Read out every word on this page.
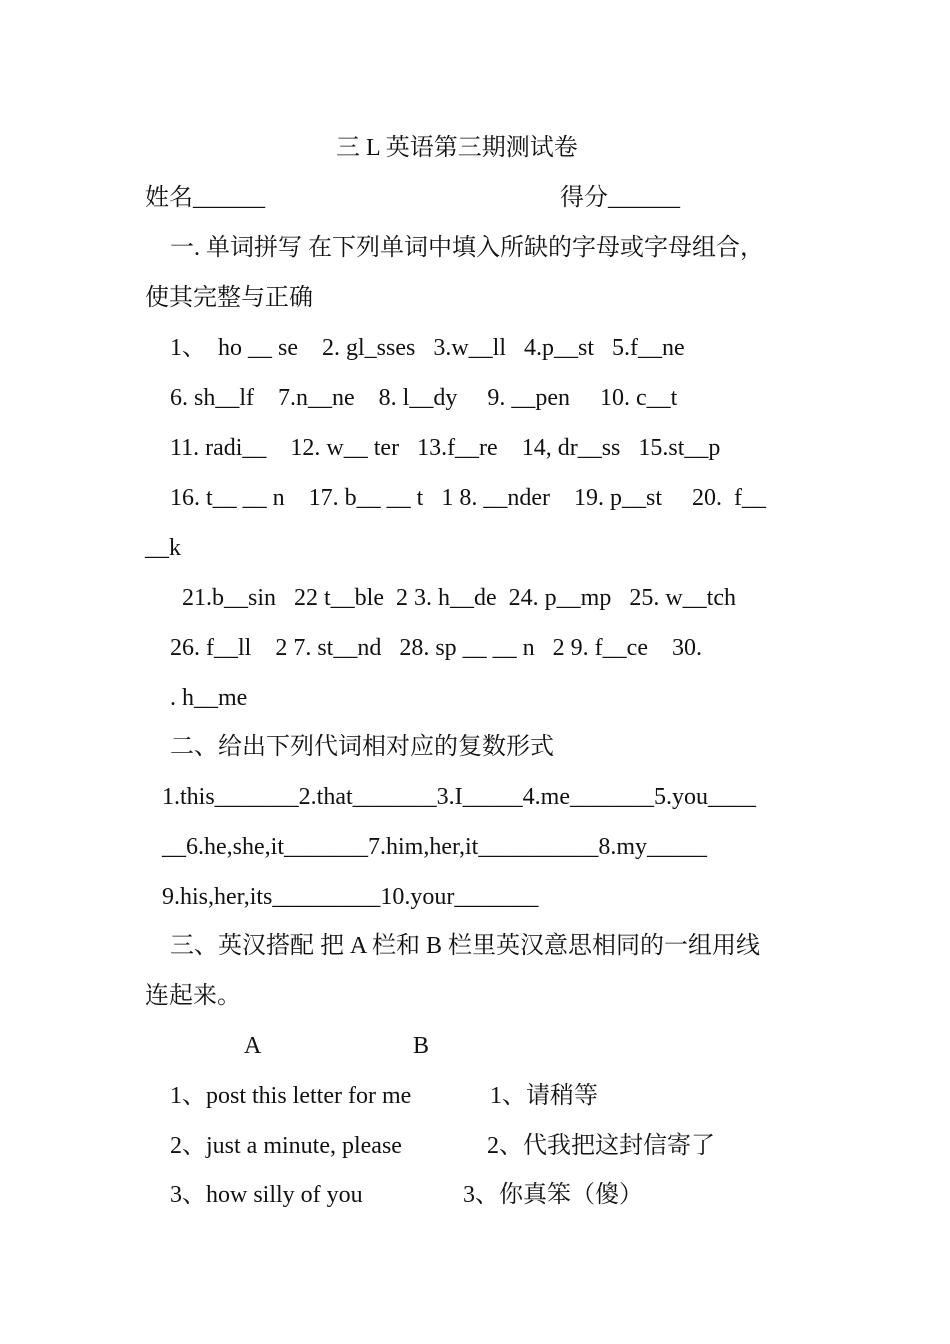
三 L 英语第三期测试卷
姓名______	得分______
一. 单词拼写 在下列单词中填入所缺的字母或字母组合，
使其完整与正确
1、  ho __ se    2. gl_sses   3.w__ll   4.p__st   5.f__ne
6. sh__lf    7.n__ne    8. l__dy     9. __pen     10. c__t
11. radi__    12. w__ ter   13.f__re    14, dr__ss   15.st__p
16. t__ __ n    17. b__ __ t   1 8. __nder    19. p__st     20.  f__
__k
21.b__sin   22 t__ble  2 3. h__de  24. p__mp   25. w__tch
26. f__ll    2 7. st__nd   28. sp __ __ n   2 9. f__ce    30.
. h__me
二、给出下列代词相对应的复数形式
1.this_______2.that_______3.I_____4.me_______5.you____
__6.he,she,it_______7.him,her,it__________8.my_____
9.his,her,its_________10.your_______
三、英汉搭配 把 A 栏和 B 栏里英汉意思相同的一组用线
连起来。
A	B
1、post this letter for me	1、请稍等
2、just a minute, please	2、代我把这封信寄了
3、how silly of you	3、你真笨（傻）
